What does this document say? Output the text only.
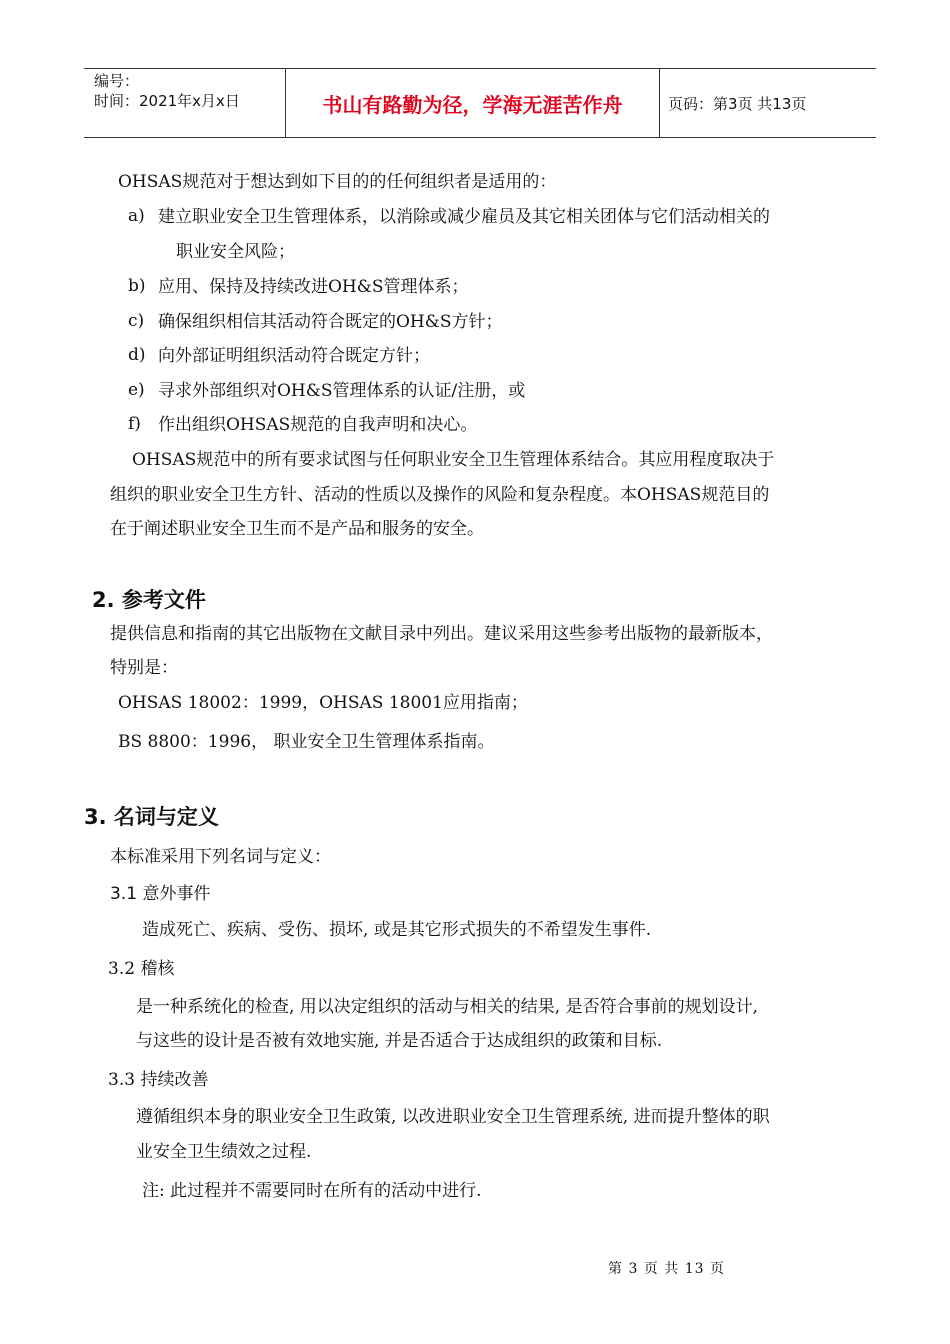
编号：
时间：2021年x月x日	书山有路勤为径，学海无涯苦作舟	页码：第3页 共13页
OHSAS规范对于想达到如下目的的任何组织者是适用的：
a) 建立职业安全卫生管理体系，以消除或减少雇员及其它相关团体与它们活动相关的
职业安全风险；
b) 应用、保持及持续改进OH&S管理体系；
c) 确保组织相信其活动符合既定的OH&S方针；
d) 向外部证明组织活动符合既定方针；
e) 寻求外部组织对OH&S管理体系的认证/注册，或
f) 作出组织OHSAS规范的自我声明和决心。
OHSAS规范中的所有要求试图与任何职业安全卫生管理体系结合。其应用程度取决于
组织的职业安全卫生方针、活动的性质以及操作的风险和复杂程度。本OHSAS规范目的
在于阐述职业安全卫生而不是产品和服务的安全。
2. 参考文件
提供信息和指南的其它出版物在文献目录中列出。建议采用这些参考出版物的最新版本，
特别是：
OHSAS 18002：1999，OHSAS 18001应用指南；
BS 8800：1996， 职业安全卫生管理体系指南。
3. 名词与定义
本标准采用下列名词与定义：
3.1 意外事件
造成死亡、疾病、受伤、损坏, 或是其它形式损失的不希望发生事件.
3.2 稽核
是一种系统化的检查, 用以决定组织的活动与相关的结果, 是否符合事前的规划设计,
与这些的设计是否被有效地实施, 并是否适合于达成组织的政策和目标.
3.3 持续改善
遵循组织本身的职业安全卫生政策, 以改进职业安全卫生管理系统, 进而提升整体的职
业安全卫生绩效之过程.
注: 此过程并不需要同时在所有的活动中进行.
第 3 页 共 13 页
